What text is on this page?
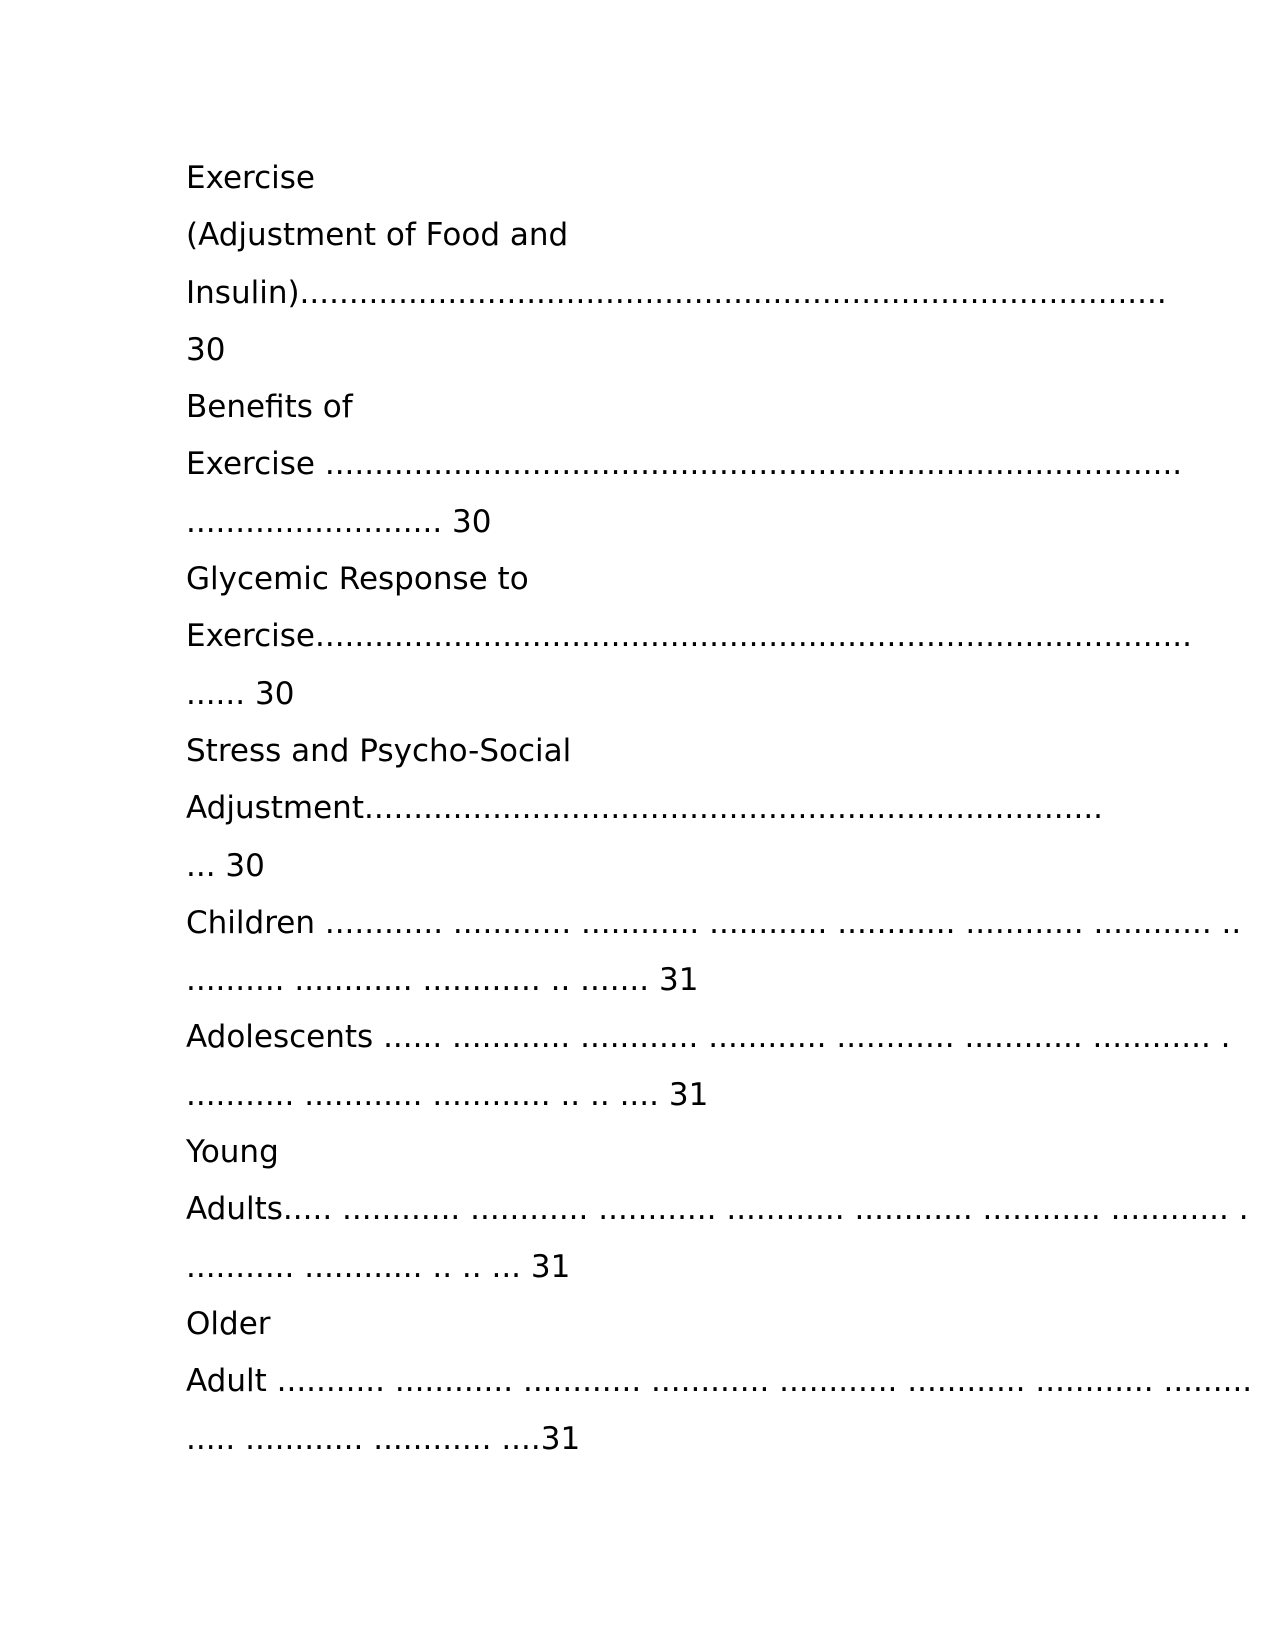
Exercise
(Adjustment of Food and
Insulin)........................................................................................
30
Benefits of
Exercise .......................................................................................
.......................... 30
Glycemic Response to
Exercise.........................................................................................
...... 30
Stress and Psycho-Social
Adjustment...........................................................................
... 30
Children ............ ............ ............ ............ ............ ............ ............ ..
.......... ............ ............ .. ....... 31
Adolescents ...... ............ ............ ............ ............ ............ ............ .
........... ............ ............ .. .. .... 31
Young
Adults..... ............ ............ ............ ............ ............ ............ ............ .
........... ............ .. .. ... 31
Older
Adult ........... ............ ............ ............ ............ ............ ............ .........
..... ............ ............ ....31
